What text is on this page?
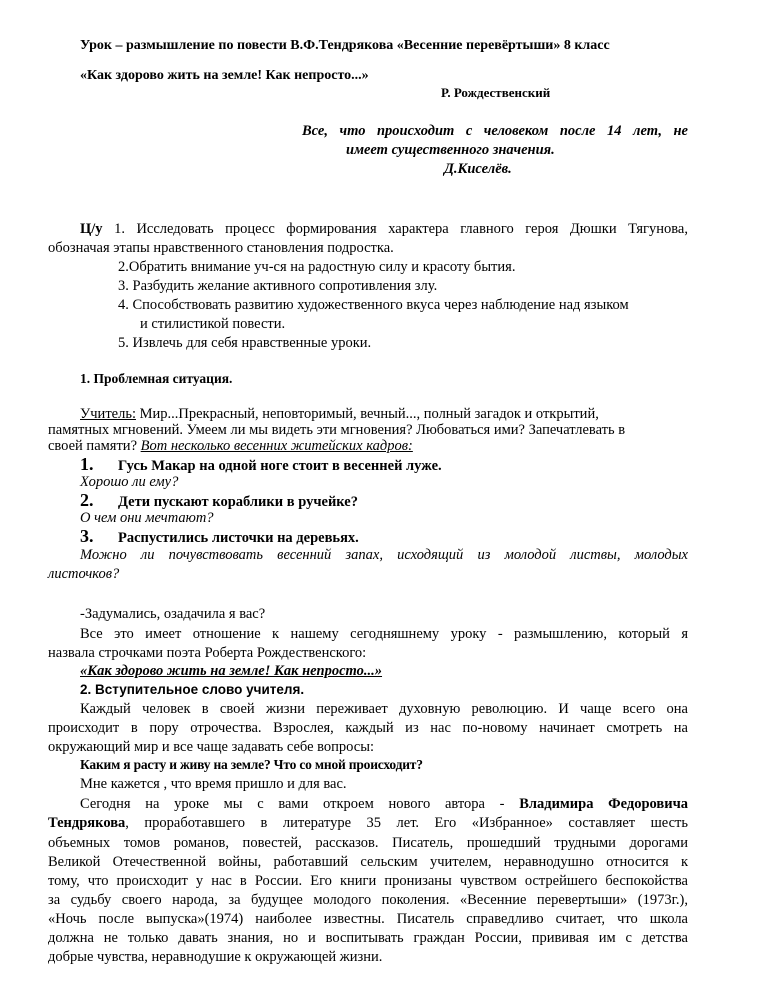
Урок – размышление по повести В.Ф.Тендрякова «Весенние перевёртыши» 8 класс
«Как здорово жить на земле! Как непросто...»
Р. Рождественский
Все, что происходит с человеком после 14 лет, не
имеет существенного значения.
Д.Киселёв.
Ц/у 1. Исследовать процесс формирования характера главного героя Дюшки Тягунова,
обозначая этапы нравственного становления подростка.
2.Обратить внимание уч-ся на радостную силу и красоту бытия.
3. Разбудить желание активного сопротивления злу.
4. Способствовать развитию художественного вкуса через наблюдение над языком
и стилистикой повести.
5. Извлечь для себя нравственные уроки.
1. Проблемная ситуация.
Учитель: Мир...Прекрасный, неповторимый, вечный..., полный загадок и открытий,
памятных мгновений. Умеем ли мы видеть эти мгновения? Любоваться ими? Запечатлевать в
своей памяти? Вот несколько весенних житейских кадров:
1. Гусь Макар на одной ноге стоит в весенней луже.
Хорошо ли ему?
2. Дети пускают кораблики в ручейке?
О чем они мечтают?
3. Распустились листочки на деревьях.
Можно ли почувствовать весенний запах, исходящий из молодой листвы, молодых
листочков?
-Задумались, озадачила я вас?
Все это имеет отношение к нашему сегодняшнему уроку - размышлению, который я
назвала строчками поэта Роберта Рождественского:
«Как здорово жить на земле! Как непросто...»
2. Вступительное слово учителя.
Каждый человек в своей жизни переживает духовную революцию. И чаще всего она
происходит в пору отрочества. Взрослея, каждый из нас по-новому начинает смотреть на
окружающий мир и все чаще задавать себе вопросы:
Каким я расту и живу на земле? Что со мной происходит?
Мне кажется , что время пришло и для вас.
Сегодня на уроке мы с вами откроем нового автора - Владимира Федоровича
Тендрякова, проработавшего в литературе 35 лет. Его «Избранное» составляет шесть
объемных томов романов, повестей, рассказов. Писатель, прошедший трудными дорогами
Великой Отечественной войны, работавший сельским учителем, неравнодушно относится к
тому, что происходит у нас в России. Его книги пронизаны чувством острейшего беспокойства
за судьбу своего народа, за будущее молодого поколения. «Весенние перевертыши» (1973г.),
«Ночь после выпуска»(1974) наиболее известны. Писатель справедливо считает, что школа
должна не только давать знания, но и воспитывать граждан России, прививая им с детства
добрые чувства, неравнодушие к окружающей жизни.
